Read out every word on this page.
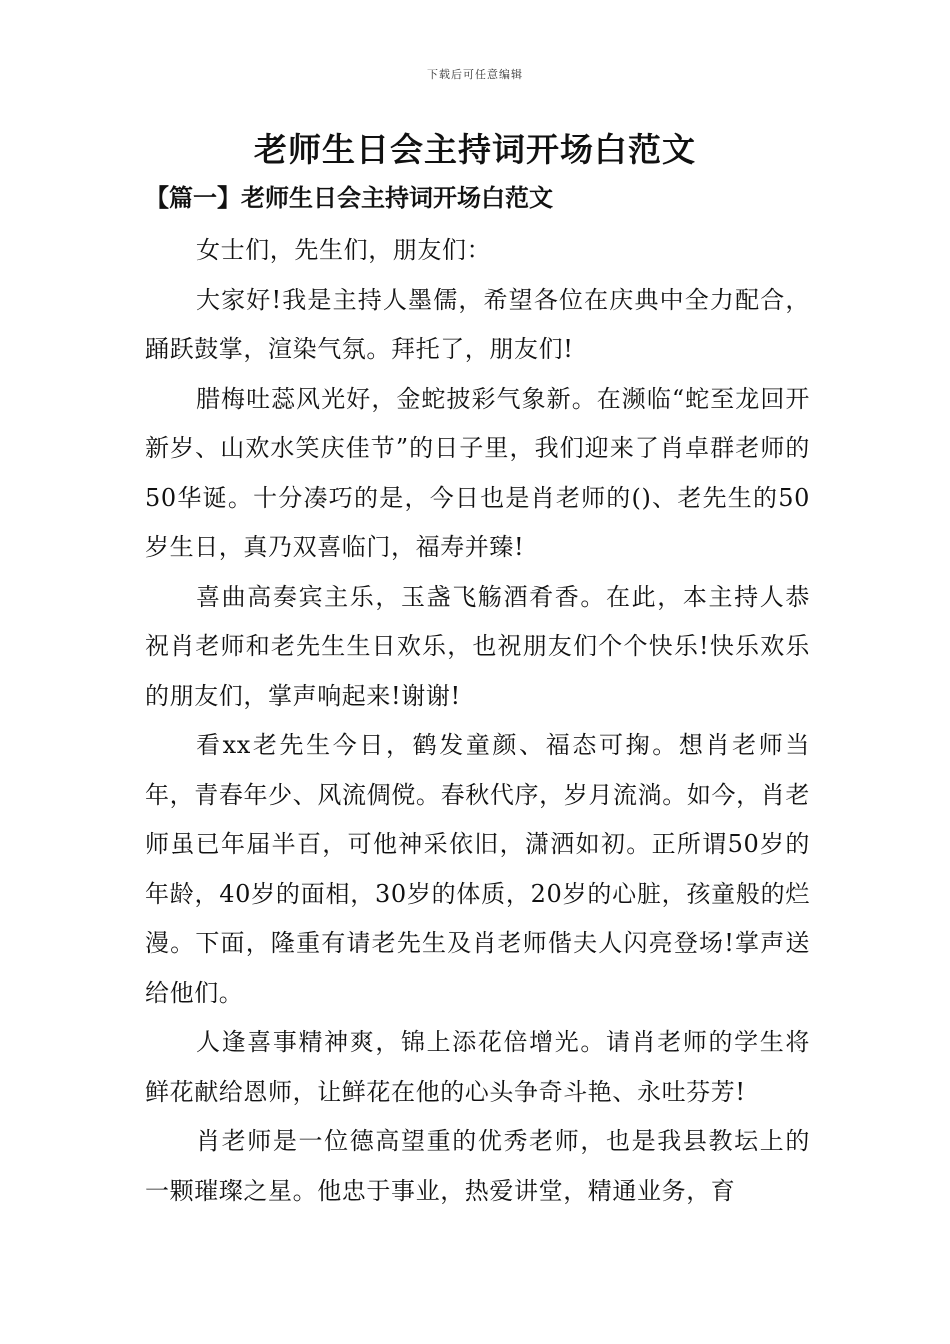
下载后可任意编辑
老师生日会主持词开场白范文
【篇一】老师生日会主持词开场白范文

女士们，先生们，朋友们：

大家好!我是主持人墨儒，希望各位在庆典中全力配合，踊跃鼓掌，渲染气氛。拜托了，朋友们!

腊梅吐蕊风光好，金蛇披彩气象新。在濒临“蛇至龙回开新岁、山欢水笑庆佳节”的日子里，我们迎来了肖卓群老师的50华诞。十分凑巧的是，今日也是肖老师的()、老先生的50岁生日，真乃双喜临门，福寿并臻!

喜曲高奏宾主乐，玉盏飞觞酒肴香。在此，本主持人恭祝肖老师和老先生生日欢乐，也祝朋友们个个快乐!快乐欢乐的朋友们，掌声响起来!谢谢!

看xx老先生今日，鹤发童颜、福态可掬。想肖老师当年，青春年少、风流倜傥。春秋代序，岁月流淌。如今，肖老师虽已年届半百，可他神采依旧，潇洒如初。正所谓50岁的年龄，40岁的面相，30岁的体质，20岁的心脏，孩童般的烂漫。下面，隆重有请老先生及肖老师偕夫人闪亮登场!掌声送给他们。

人逢喜事精神爽，锦上添花倍增光。请肖老师的学生将鲜花献给恩师，让鲜花在他的心头争奇斗艳、永吐芬芳!

肖老师是一位德高望重的优秀老师，也是我县教坛上的一颗璀璨之星。他忠于事业，热爱讲堂，精通业务，育
